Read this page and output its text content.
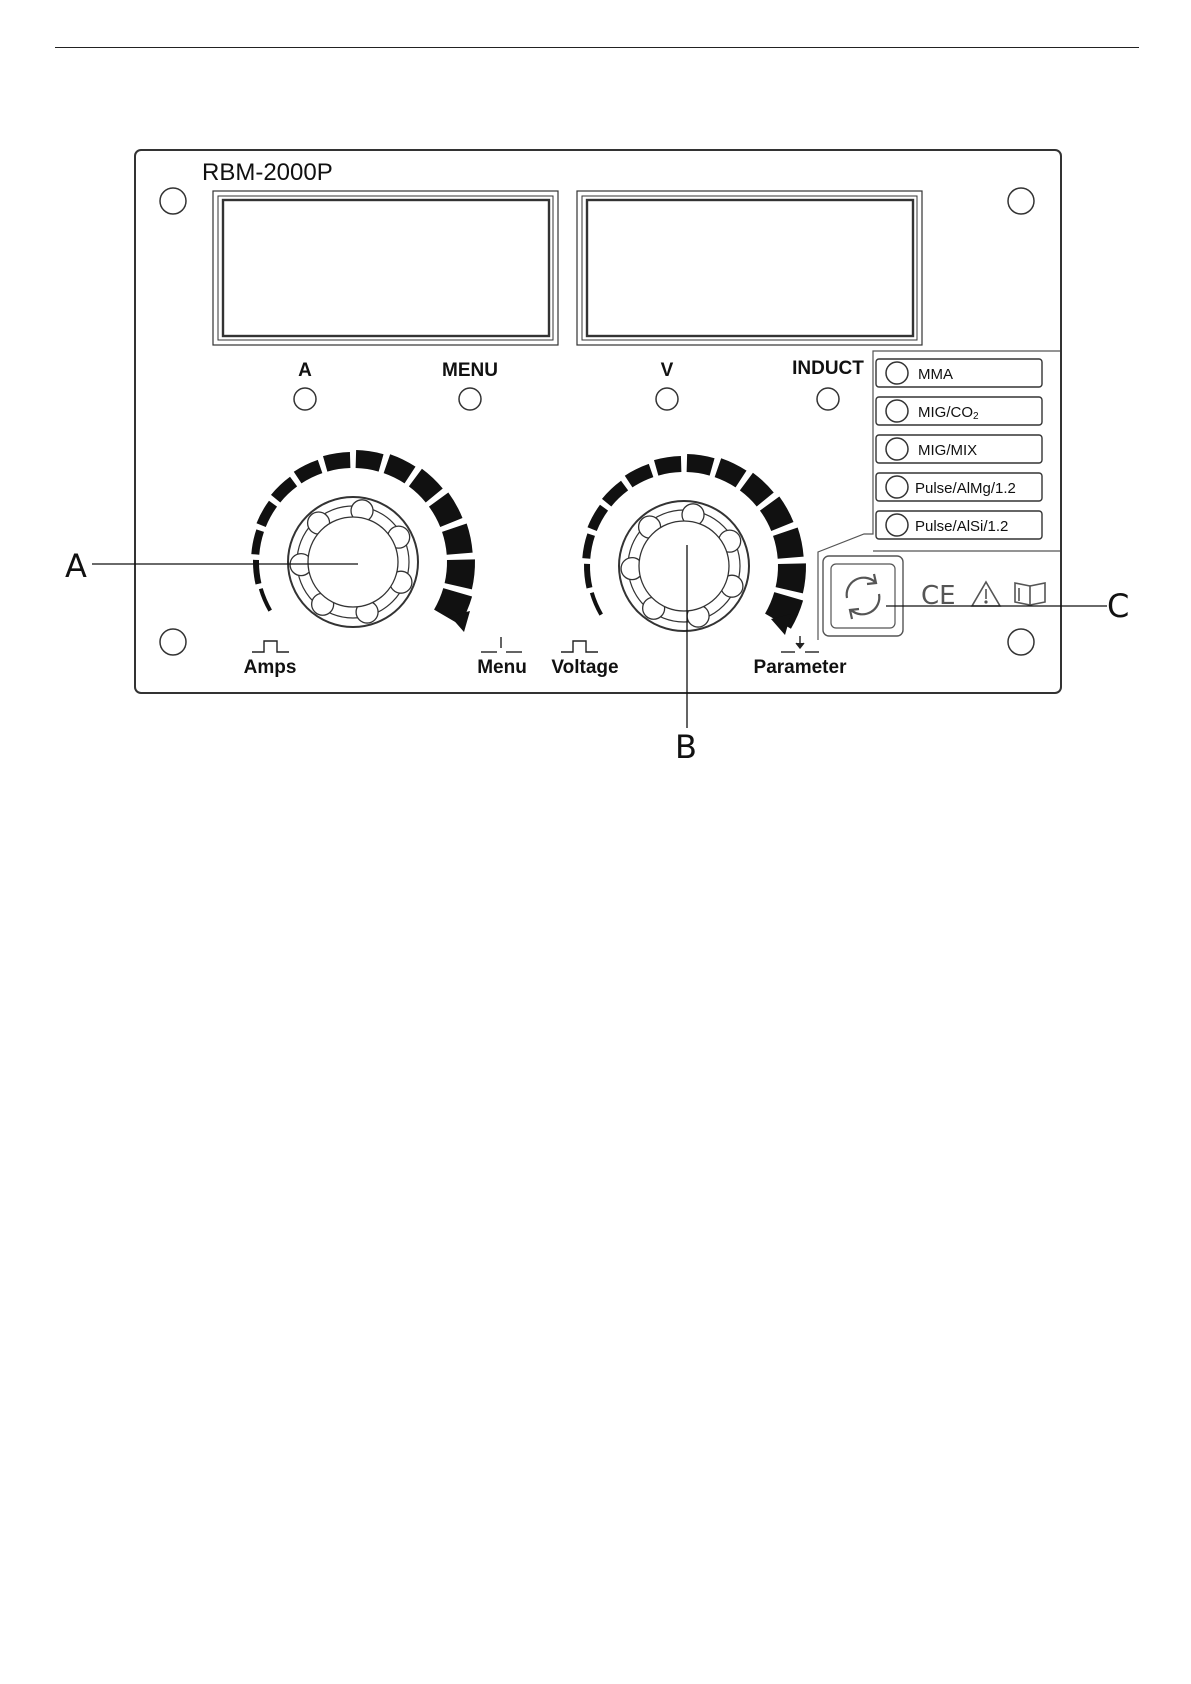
RBM-2000P
A	MENU	V	INDUCT	MMA
MIG/CO2
MIG/MIX
Pulse/AlMg/1.2
Pulse/AlSi/1.2
CE
Amps	Menu Voltage	Parameter
A
B
C
